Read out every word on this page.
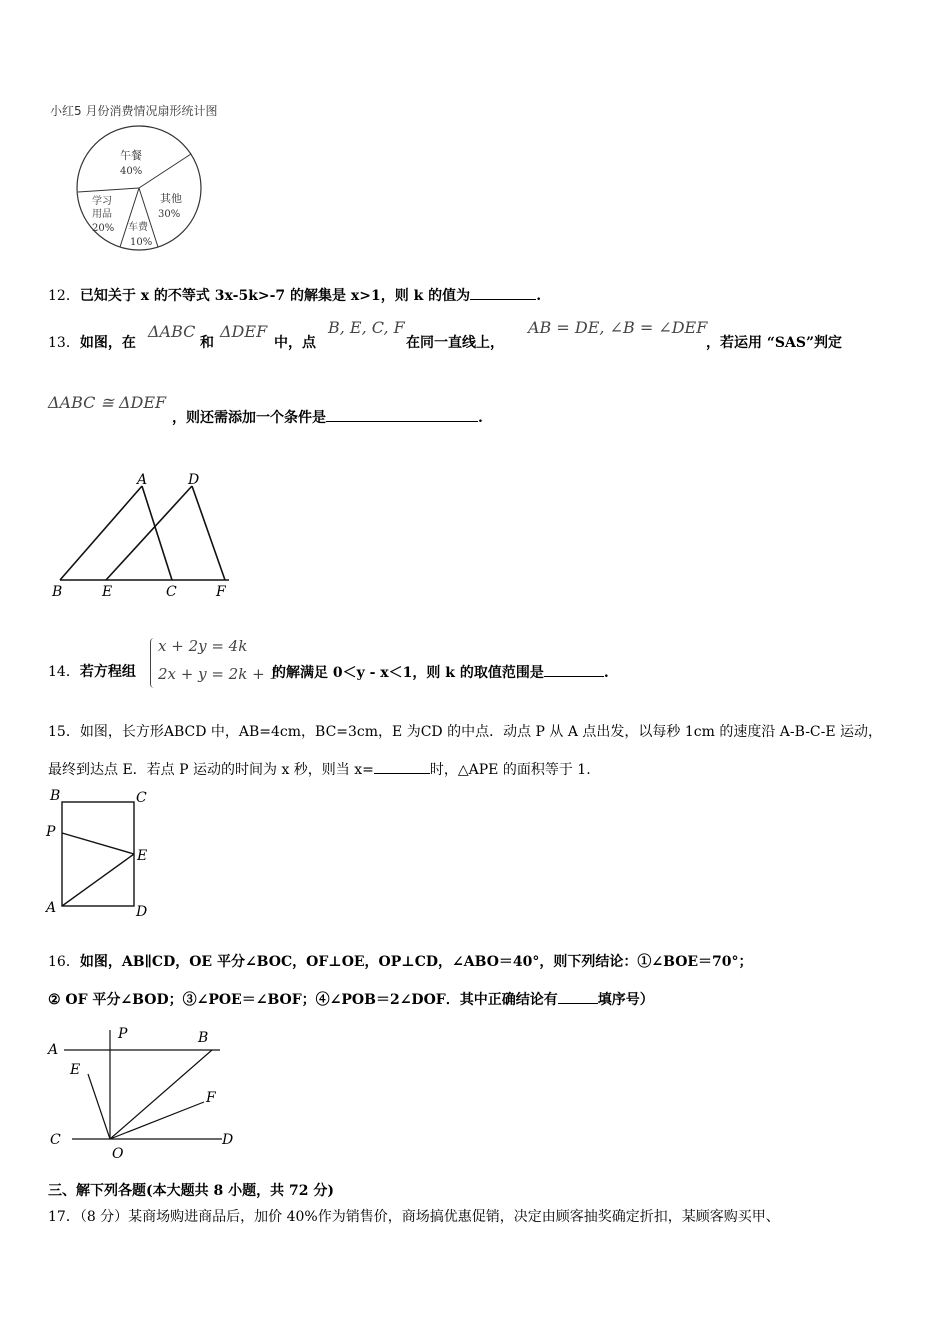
小红5 月份消费情况扇形统计图
午餐
40%
其他
30%
车费
10%
学习
用品
20%
12．已知关于 x 的不等式 3x-5k>-7 的解集是 x>1，则 k 的值为	.
13．如图，在
ΔABC
和
ΔDEF
中，点
B, E, C, F
在同一直线上，
AB = DE, ∠B = ∠DEF
，若运用 “SAS”判定
ΔABC ≅ ΔDEF
，则还需添加一个条件是	.
A	D
B	E	C	F
14．若方程组
x + 2y = 4k
2x + y = 2k + 1
的解满足 0＜y - x＜1，则 k 的取值范围是	.
15．如图，长方形ABCD 中，AB=4cm，BC=3cm，E 为CD 的中点．动点 P 从 A 点出发，以每秒 1cm 的速度沿 A-B-C-E 运动，
最终到达点 E．若点 P 运动的时间为 x 秒，则当 x=	时，△APE 的面积等于 1.
B	C
P
E
A	D
16．如图，AB∥CD，OE 平分∠BOC，OF⊥OE，OP⊥CD，∠ABO＝40°，则下列结论：①∠BOE＝70°；
② OF 平分∠BOD；③∠POE＝∠BOF；④∠POB＝2∠DOF．其中正确结论有	填序号）
A
P	B
E
F
C	D
O
三、解下列各题(本大题共 8 小题，共 72 分)
17．（8 分）某商场购进商品后，加价 40%作为销售价，商场搞优惠促销，决定由顾客抽奖确定折扣，某顾客购买甲、
